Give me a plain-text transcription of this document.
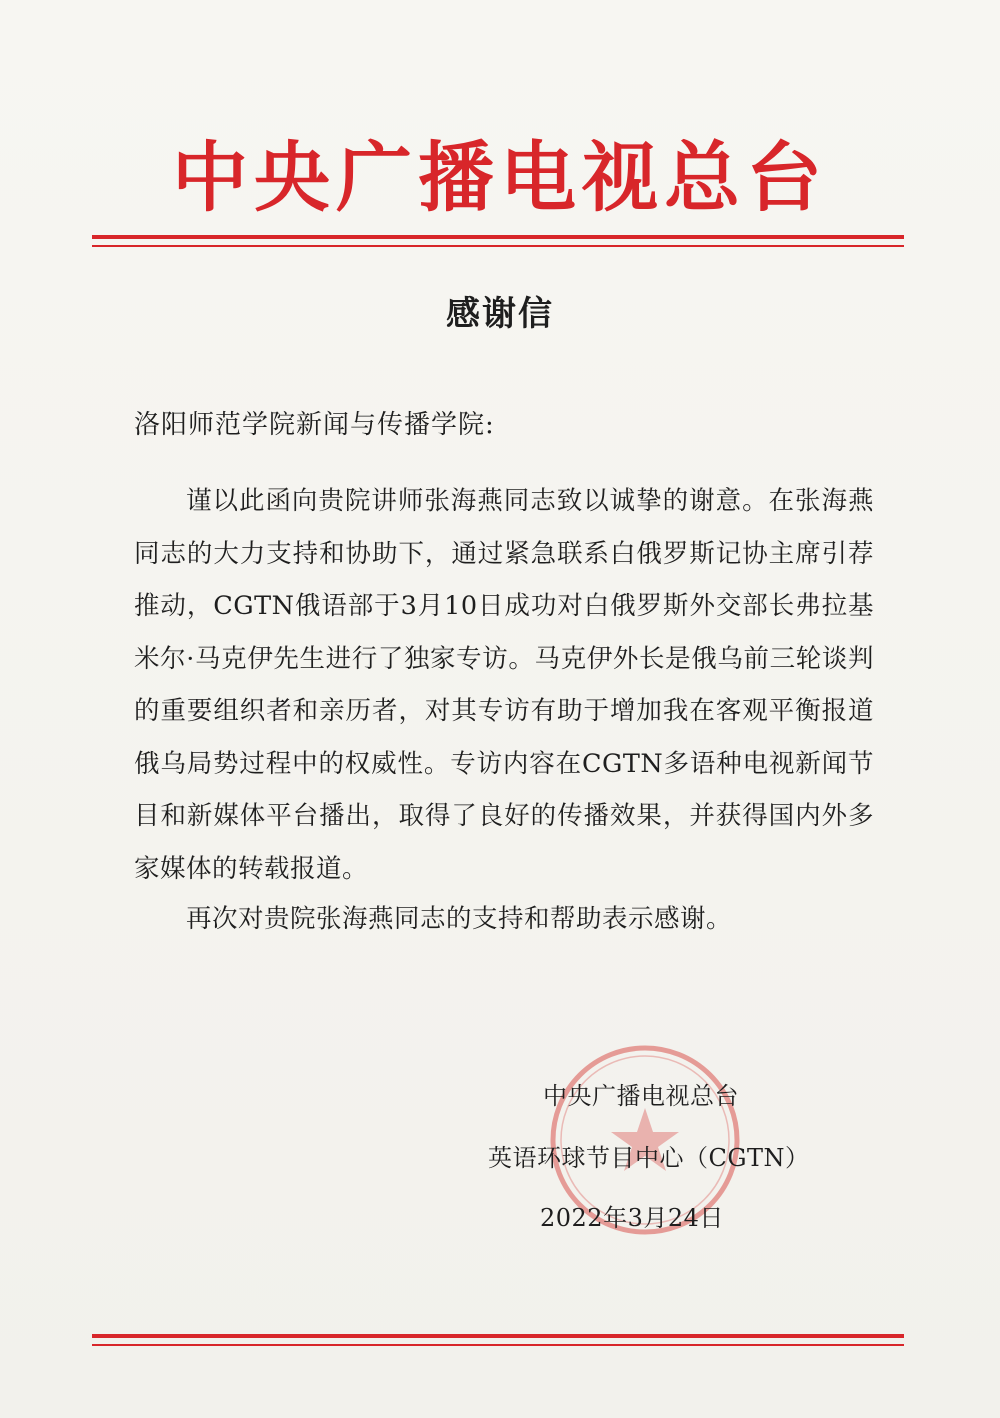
中央广播电视总台
感谢信
洛阳师范学院新闻与传播学院:

谨以此函向贵院讲师张海燕同志致以诚挚的谢意。在张海燕同志的大力支持和协助下，通过紧急联系白俄罗斯记协主席引荐推动，CGTN俄语部于3月10日成功对白俄罗斯外交部长弗拉基米尔·马克伊先生进行了独家专访。马克伊外长是俄乌前三轮谈判的重要组织者和亲历者，对其专访有助于增加我在客观平衡报道俄乌局势过程中的权威性。专访内容在CGTN多语种电视新闻节目和新媒体平台播出，取得了良好的传播效果，并获得国内外多家媒体的转载报道。

再次对贵院张海燕同志的支持和帮助表示感谢。

中央广播电视总台
英语环球节目中心（CGTN）
2022年3月24日
